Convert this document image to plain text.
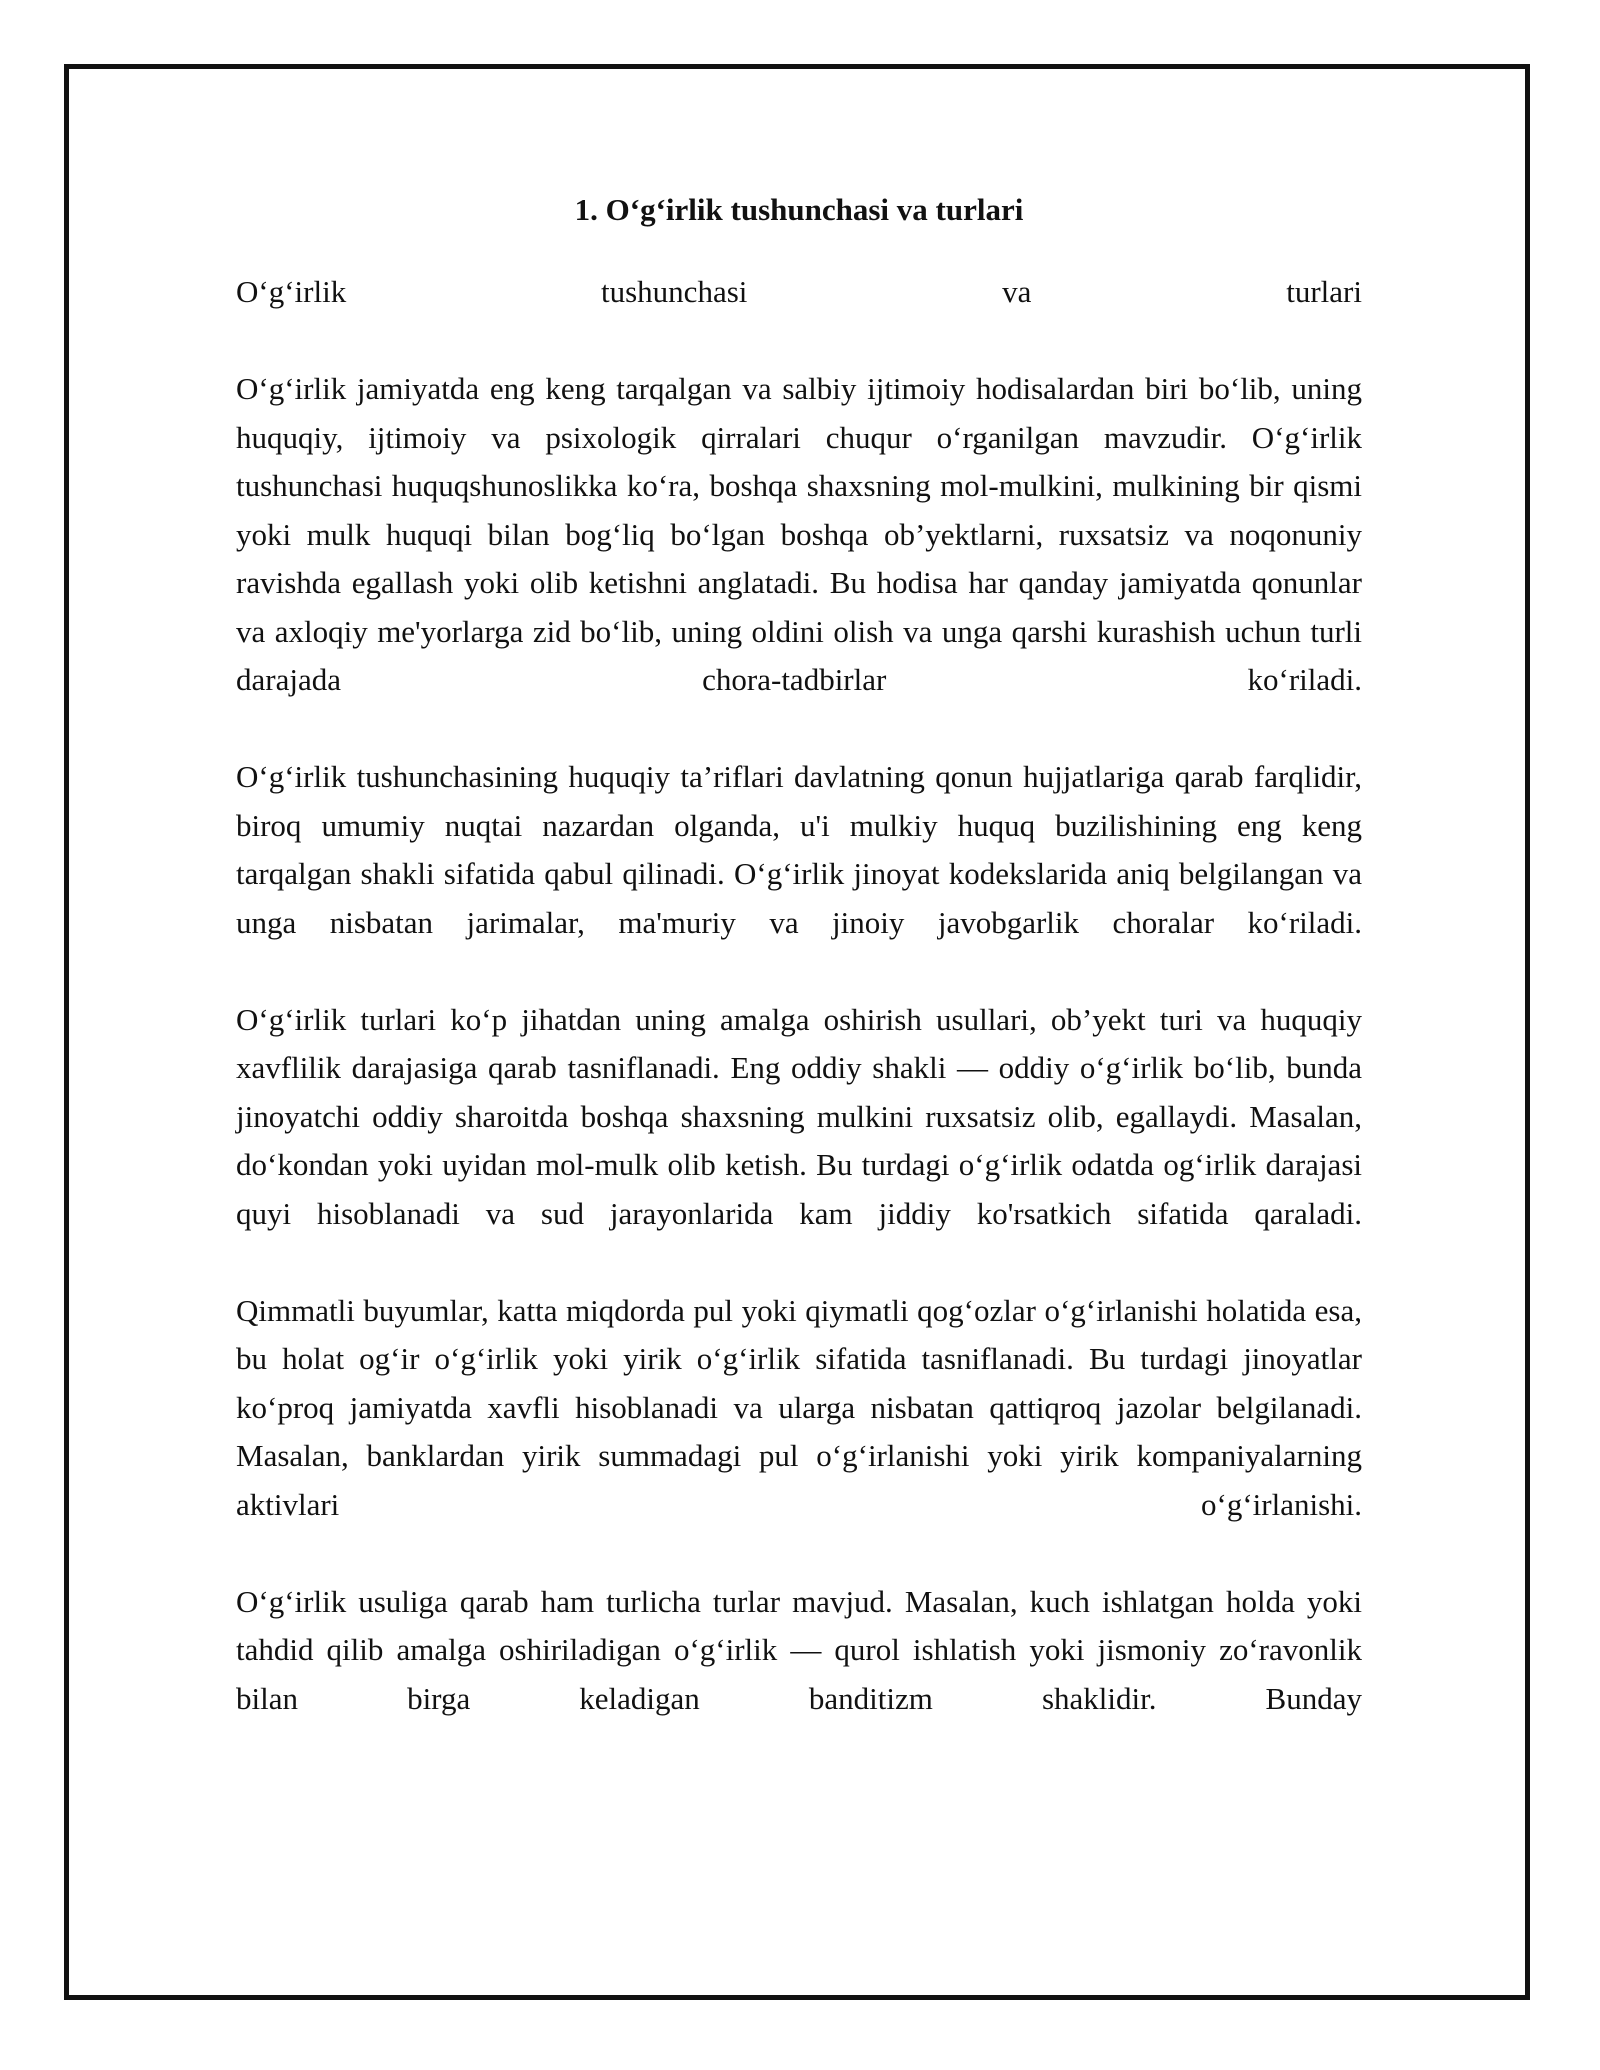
1. O‘g‘irlik tushunchasi va turlari

O‘g‘irlik tushunchasi va turlari

O‘g‘irlik jamiyatda eng keng tarqalgan va salbiy ijtimoiy hodisalardan biri bo‘lib, uning huquqiy, ijtimoiy va psixologik qirralari chuqur o‘rganilgan mavzudir. O‘g‘irlik tushunchasi huquqshunoslikka ko‘ra, boshqa shaxsning mol-mulkini, mulkining bir qismi yoki mulk huquqi bilan bog‘liq bo‘lgan boshqa ob’yektlarni, ruxsatsiz va noqonuniy ravishda egallash yoki olib ketishni anglatadi. Bu hodisa har qanday jamiyatda qonunlar va axloqiy me'yorlarga zid bo‘lib, uning oldini olish va unga qarshi kurashish uchun turli darajada chora-tadbirlar ko‘riladi.

O‘g‘irlik tushunchasining huquqiy ta’riflari davlatning qonun hujjatlariga qarab farqlidir, biroq umumiy nuqtai nazardan olganda, u'i mulkiy huquq buzilishining eng keng tarqalgan shakli sifatida qabul qilinadi. O‘g‘irlik jinoyat kodekslarida aniq belgilangan va unga nisbatan jarimalar, ma'muriy va jinoiy javobgarlik choralar ko‘riladi.

O‘g‘irlik turlari ko‘p jihatdan uning amalga oshirish usullari, ob’yekt turi va huquqiy xavflilik darajasiga qarab tasniflanadi. Eng oddiy shakli — oddiy o‘g‘irlik bo‘lib, bunda jinoyatchi oddiy sharoitda boshqa shaxsning mulkini ruxsatsiz olib, egallaydi. Masalan, do‘kondan yoki uyidan mol-mulk olib ketish. Bu turdagi o‘g‘irlik odatda og‘irlik darajasi quyi hisoblanadi va sud jarayonlarida kam jiddiy ko'rsatkich sifatida qaraladi.

Qimmatli buyumlar, katta miqdorda pul yoki qiymatli qog‘ozlar o‘g‘irlanishi holatida esa, bu holat og‘ir o‘g‘irlik yoki yirik o‘g‘irlik sifatida tasniflanadi. Bu turdagi jinoyatlar ko‘proq jamiyatda xavfli hisoblanadi va ularga nisbatan qattiqroq jazolar belgilanadi. Masalan, banklardan yirik summadagi pul o‘g‘irlanishi yoki yirik kompaniyalarning aktivlari o‘g‘irlanishi.

O‘g‘irlik usuliga qarab ham turlicha turlar mavjud. Masalan, kuch ishlatgan holda yoki tahdid qilib amalga oshiriladigan o‘g‘irlik — qurol ishlatish yoki jismoniy zo‘ravonlik bilan birga keladigan banditizm shaklidir. Bunday
